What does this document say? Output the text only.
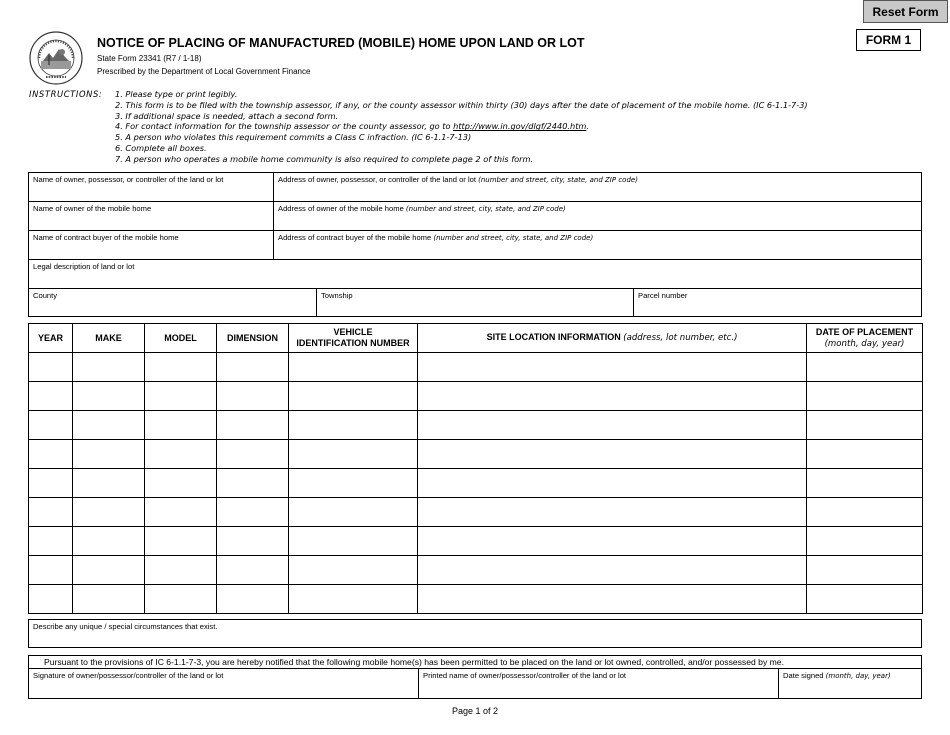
Reset Form
FORM 1
NOTICE OF PLACING OF MANUFACTURED (MOBILE) HOME UPON LAND OR LOT
State Form 23341 (R7 / 1-18)
Prescribed by the Department of Local Government Finance
INSTRUCTIONS: 1. Please type or print legibly.
2. This form is to be filed with the township assessor, if any, or the county assessor within thirty (30) days after the date of placement of the mobile home. (IC 6-1.1-7-3)
3. If additional space is needed, attach a second form.
4. For contact information for the township assessor or the county assessor, go to http://www.in.gov/dlgf/2440.htm.
5. A person who violates this requirement commits a Class C infraction. (IC 6-1.1-7-13)
6. Complete all boxes.
7. A person who operates a mobile home community is also required to complete page 2 of this form.
Name of owner, possessor, or controller of the land or lot	Address of owner, possessor, or controller of the land or lot (number and street, city, state, and ZIP code)
Name of owner of the mobile home	Address of owner of the mobile home (number and street, city, state, and ZIP code)
Name of contract buyer of the mobile home	Address of contract buyer of the mobile home (number and street, city, state, and ZIP code)
Legal description of land or lot
County	Township	Parcel number
YEAR	MAKE	MODEL	DIMENSION	VEHICLE
IDENTIFICATION NUMBER	SITE LOCATION INFORMATION (address, lot number, etc.)	DATE OF PLACEMENT
(month, day, year)

Describe any unique / special circumstances that exist.
Pursuant to the provisions of IC 6-1.1-7-3, you are hereby notified that the following mobile home(s) has been permitted to be placed on the land or lot owned, controlled, and/or possessed by me.
Signature of owner/possessor/controller of the land or lot	Printed name of owner/possessor/controller of the land or lot	Date signed (month, day, year)
Page 1 of 2
